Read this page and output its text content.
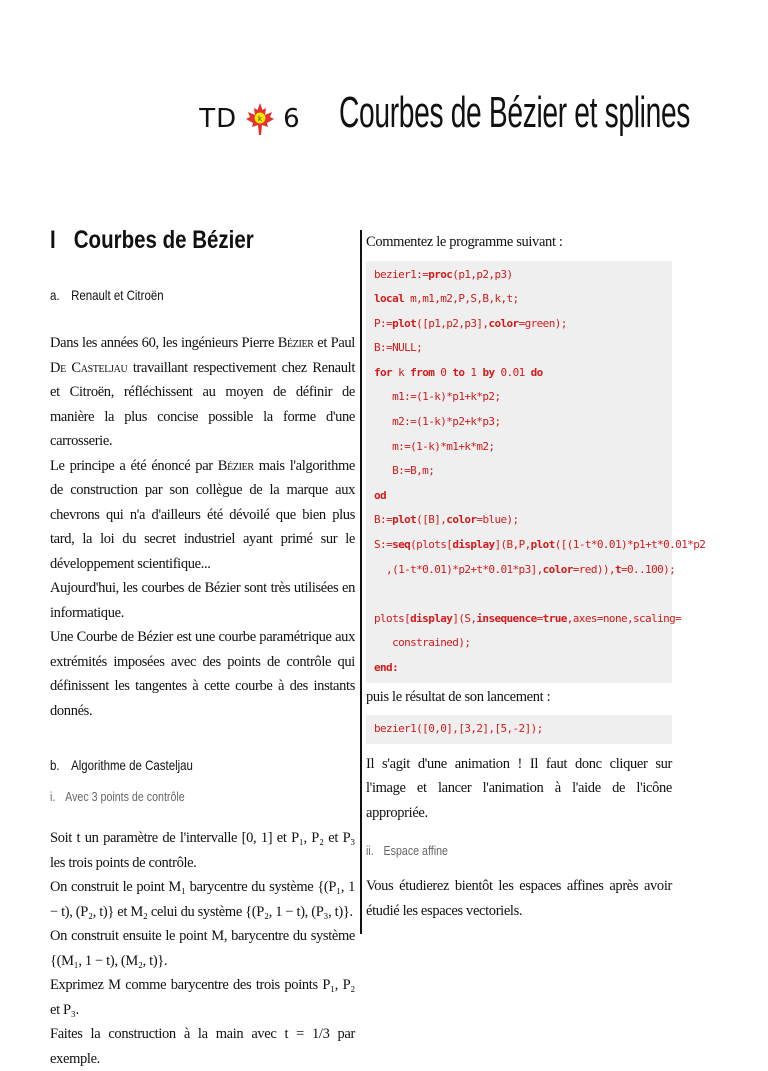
TD	k 6 Courbes de Bézier et splines
I Courbes de Bézier
a. Renault et Citroën

Dans les années 60, les ingénieurs Pierre Bézier et Paul De Casteljau travaillant respectivement chez Renault et Citroën, réfléchissent au moyen de définir de manière la plus concise possible la forme d'une carrosserie.

Le principe a été énoncé par Bézier mais l'algorithme de construction par son collègue de la marque aux chevrons qui n'a d'ailleurs été dévoilé que bien plus tard, la loi du secret industriel ayant primé sur le développement scientifique...

Aujourd'hui, les courbes de Bézier sont très utilisées en informatique.

Une Courbe de Bézier est une courbe paramétrique aux extrémités imposées avec des points de contrôle qui définissent les tangentes à cette courbe à des instants donnés.

b. Algorithme de Casteljau
i. Avec 3 points de contrôle

Soit t un paramètre de l'intervalle [0, 1] et P₁, P₂ et P₃ les trois points de contrôle.

On construit le point M₁ barycentre du système {(P₁, 1 − t), (P₂, t)} et M₂ celui du système {(P₂, 1 − t), (P₃, t)}.

On construit ensuite le point M, barycentre du système {(M₁, 1 − t), (M₂, t)}.

Exprimez M comme barycentre des trois points P₁, P₂ et P₃.

Faites la construction à la main avec t = 1/3 par exemple.

Commentez le programme suivant :

bezier1:=proc(p1,p2,p3)
local m,m1,m2,P,S,B,k,t;
P:=plot([p1,p2,p3],color=green);
B:=NULL;
for k from 0 to 1 by 0.01 do
m1:=(1-k)*p1+k*p2;
m2:=(1-k)*p2+k*p3;
m:=(1-k)*m1+k*m2;
B:=B,m;
od
B:=plot([B],color=blue);
S:=seq(plots[display](B,P,plot([(1-t*0.01)*p1+t*0.01*p2
,(1-t*0.01)*p2+t*0.01*p3],color=red)),t=0..100);

plots[display](S,insequence=true,axes=none,scaling=
constrained);
end:

puis le résultat de son lancement :

bezier1([0,0],[3,2],[5,-2]);

Il s'agit d'une animation ! Il faut donc cliquer sur l'image et lancer l'animation à l'aide de l'icône appropriée.

ii. Espace affine

Vous étudierez bientôt les espaces affines après avoir étudié les espaces vectoriels.
